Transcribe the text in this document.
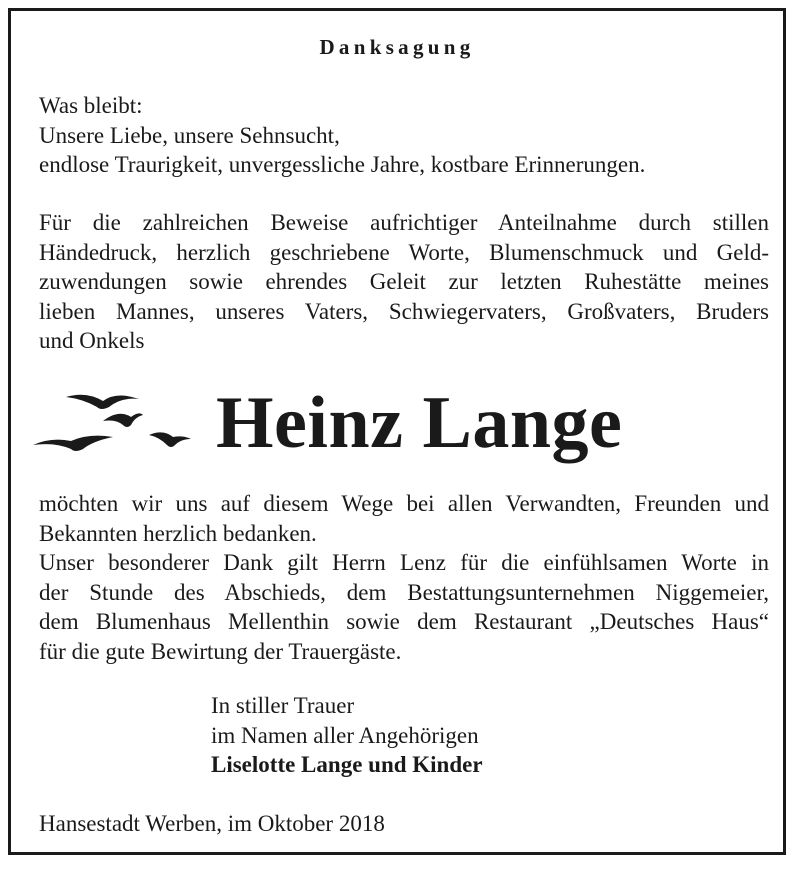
Danksagung
Was bleibt:
Unsere Liebe, unsere Sehnsucht,
endlose Traurigkeit, unvergessliche Jahre, kostbare Erinnerungen.
Für die zahlreichen Beweise aufrichtiger Anteilnahme durch stillen
Händedruck, herzlich geschriebene Worte, Blumenschmuck und Geld-
zuwendungen sowie ehrendes Geleit zur letzten Ruhestätte meines
lieben Mannes, unseres Vaters, Schwiegervaters, Großvaters, Bruders
und Onkels
Heinz Lange
möchten wir uns auf diesem Wege bei allen Verwandten, Freunden und
Bekannten herzlich bedanken.
Unser besonderer Dank gilt Herrn Lenz für die einfühlsamen Worte in
der Stunde des Abschieds, dem Bestattungsunternehmen Niggemeier,
dem Blumenhaus Mellenthin sowie dem Restaurant „Deutsches Haus“
für die gute Bewirtung der Trauergäste.
In stiller Trauer
im Namen aller Angehörigen
Liselotte Lange und Kinder
Hansestadt Werben, im Oktober 2018
